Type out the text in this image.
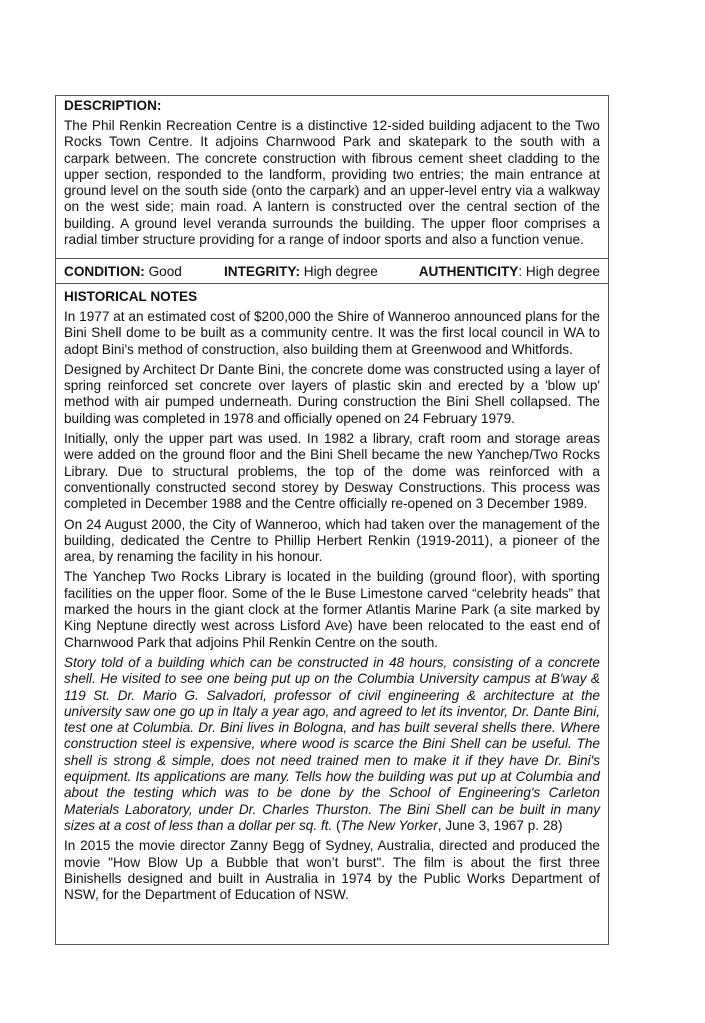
DESCRIPTION:

The Phil Renkin Recreation Centre is a distinctive 12-sided building adjacent to the Two Rocks Town Centre. It adjoins Charnwood Park and skatepark to the south with a carpark between. The concrete construction with fibrous cement sheet cladding to the upper section, responded to the landform, providing two entries; the main entrance at ground level on the south side (onto the carpark) and an upper-level entry via a walkway on the west side; main road. A lantern is constructed over the central section of the building. A ground level veranda surrounds the building. The upper floor comprises a radial timber structure providing for a range of indoor sports and also a function venue.

CONDITION: Good	INTEGRITY: High degree	AUTHENTICITY: High degree
HISTORICAL NOTES

In 1977 at an estimated cost of $200,000 the Shire of Wanneroo announced plans for the Bini Shell dome to be built as a community centre. It was the first local council in WA to adopt Bini's method of construction, also building them at Greenwood and Whitfords.

Designed by Architect Dr Dante Bini, the concrete dome was constructed using a layer of spring reinforced set concrete over layers of plastic skin and erected by a 'blow up' method with air pumped underneath. During construction the Bini Shell collapsed. The building was completed in 1978 and officially opened on 24 February 1979.

Initially, only the upper part was used. In 1982 a library, craft room and storage areas were added on the ground floor and the Bini Shell became the new Yanchep/Two Rocks Library. Due to structural problems, the top of the dome was reinforced with a conventionally constructed second storey by Desway Constructions. This process was completed in December 1988 and the Centre officially re-opened on 3 December 1989.

On 24 August 2000, the City of Wanneroo, which had taken over the management of the building, dedicated the Centre to Phillip Herbert Renkin (1919-2011), a pioneer of the area, by renaming the facility in his honour.

The Yanchep Two Rocks Library is located in the building (ground floor), with sporting facilities on the upper floor. Some of the le Buse Limestone carved “celebrity heads” that marked the hours in the giant clock at the former Atlantis Marine Park (a site marked by King Neptune directly west across Lisford Ave) have been relocated to the east end of Charnwood Park that adjoins Phil Renkin Centre on the south.

Story told of a building which can be constructed in 48 hours, consisting of a concrete shell. He visited to see one being put up on the Columbia University campus at B'way & 119 St. Dr. Mario G. Salvadori, professor of civil engineering & architecture at the university saw one go up in Italy a year ago, and agreed to let its inventor, Dr. Dante Bini, test one at Columbia. Dr. Bini lives in Bologna, and has built several shells there. Where construction steel is expensive, where wood is scarce the Bini Shell can be useful. The shell is strong & simple, does not need trained men to make it if they have Dr. Bini's equipment. Its applications are many. Tells how the building was put up at Columbia and about the testing which was to be done by the School of Engineering's Carleton Materials Laboratory, under Dr. Charles Thurston. The Bini Shell can be built in many sizes at a cost of less than a dollar per sq. ft. (The New Yorker, June 3, 1967 p. 28)

In 2015 the movie director Zanny Begg of Sydney, Australia, directed and produced the movie "How Blow Up a Bubble that won’t burst". The film is about the first three Binishells designed and built in Australia in 1974 by the Public Works Department of NSW, for the Department of Education of NSW.
